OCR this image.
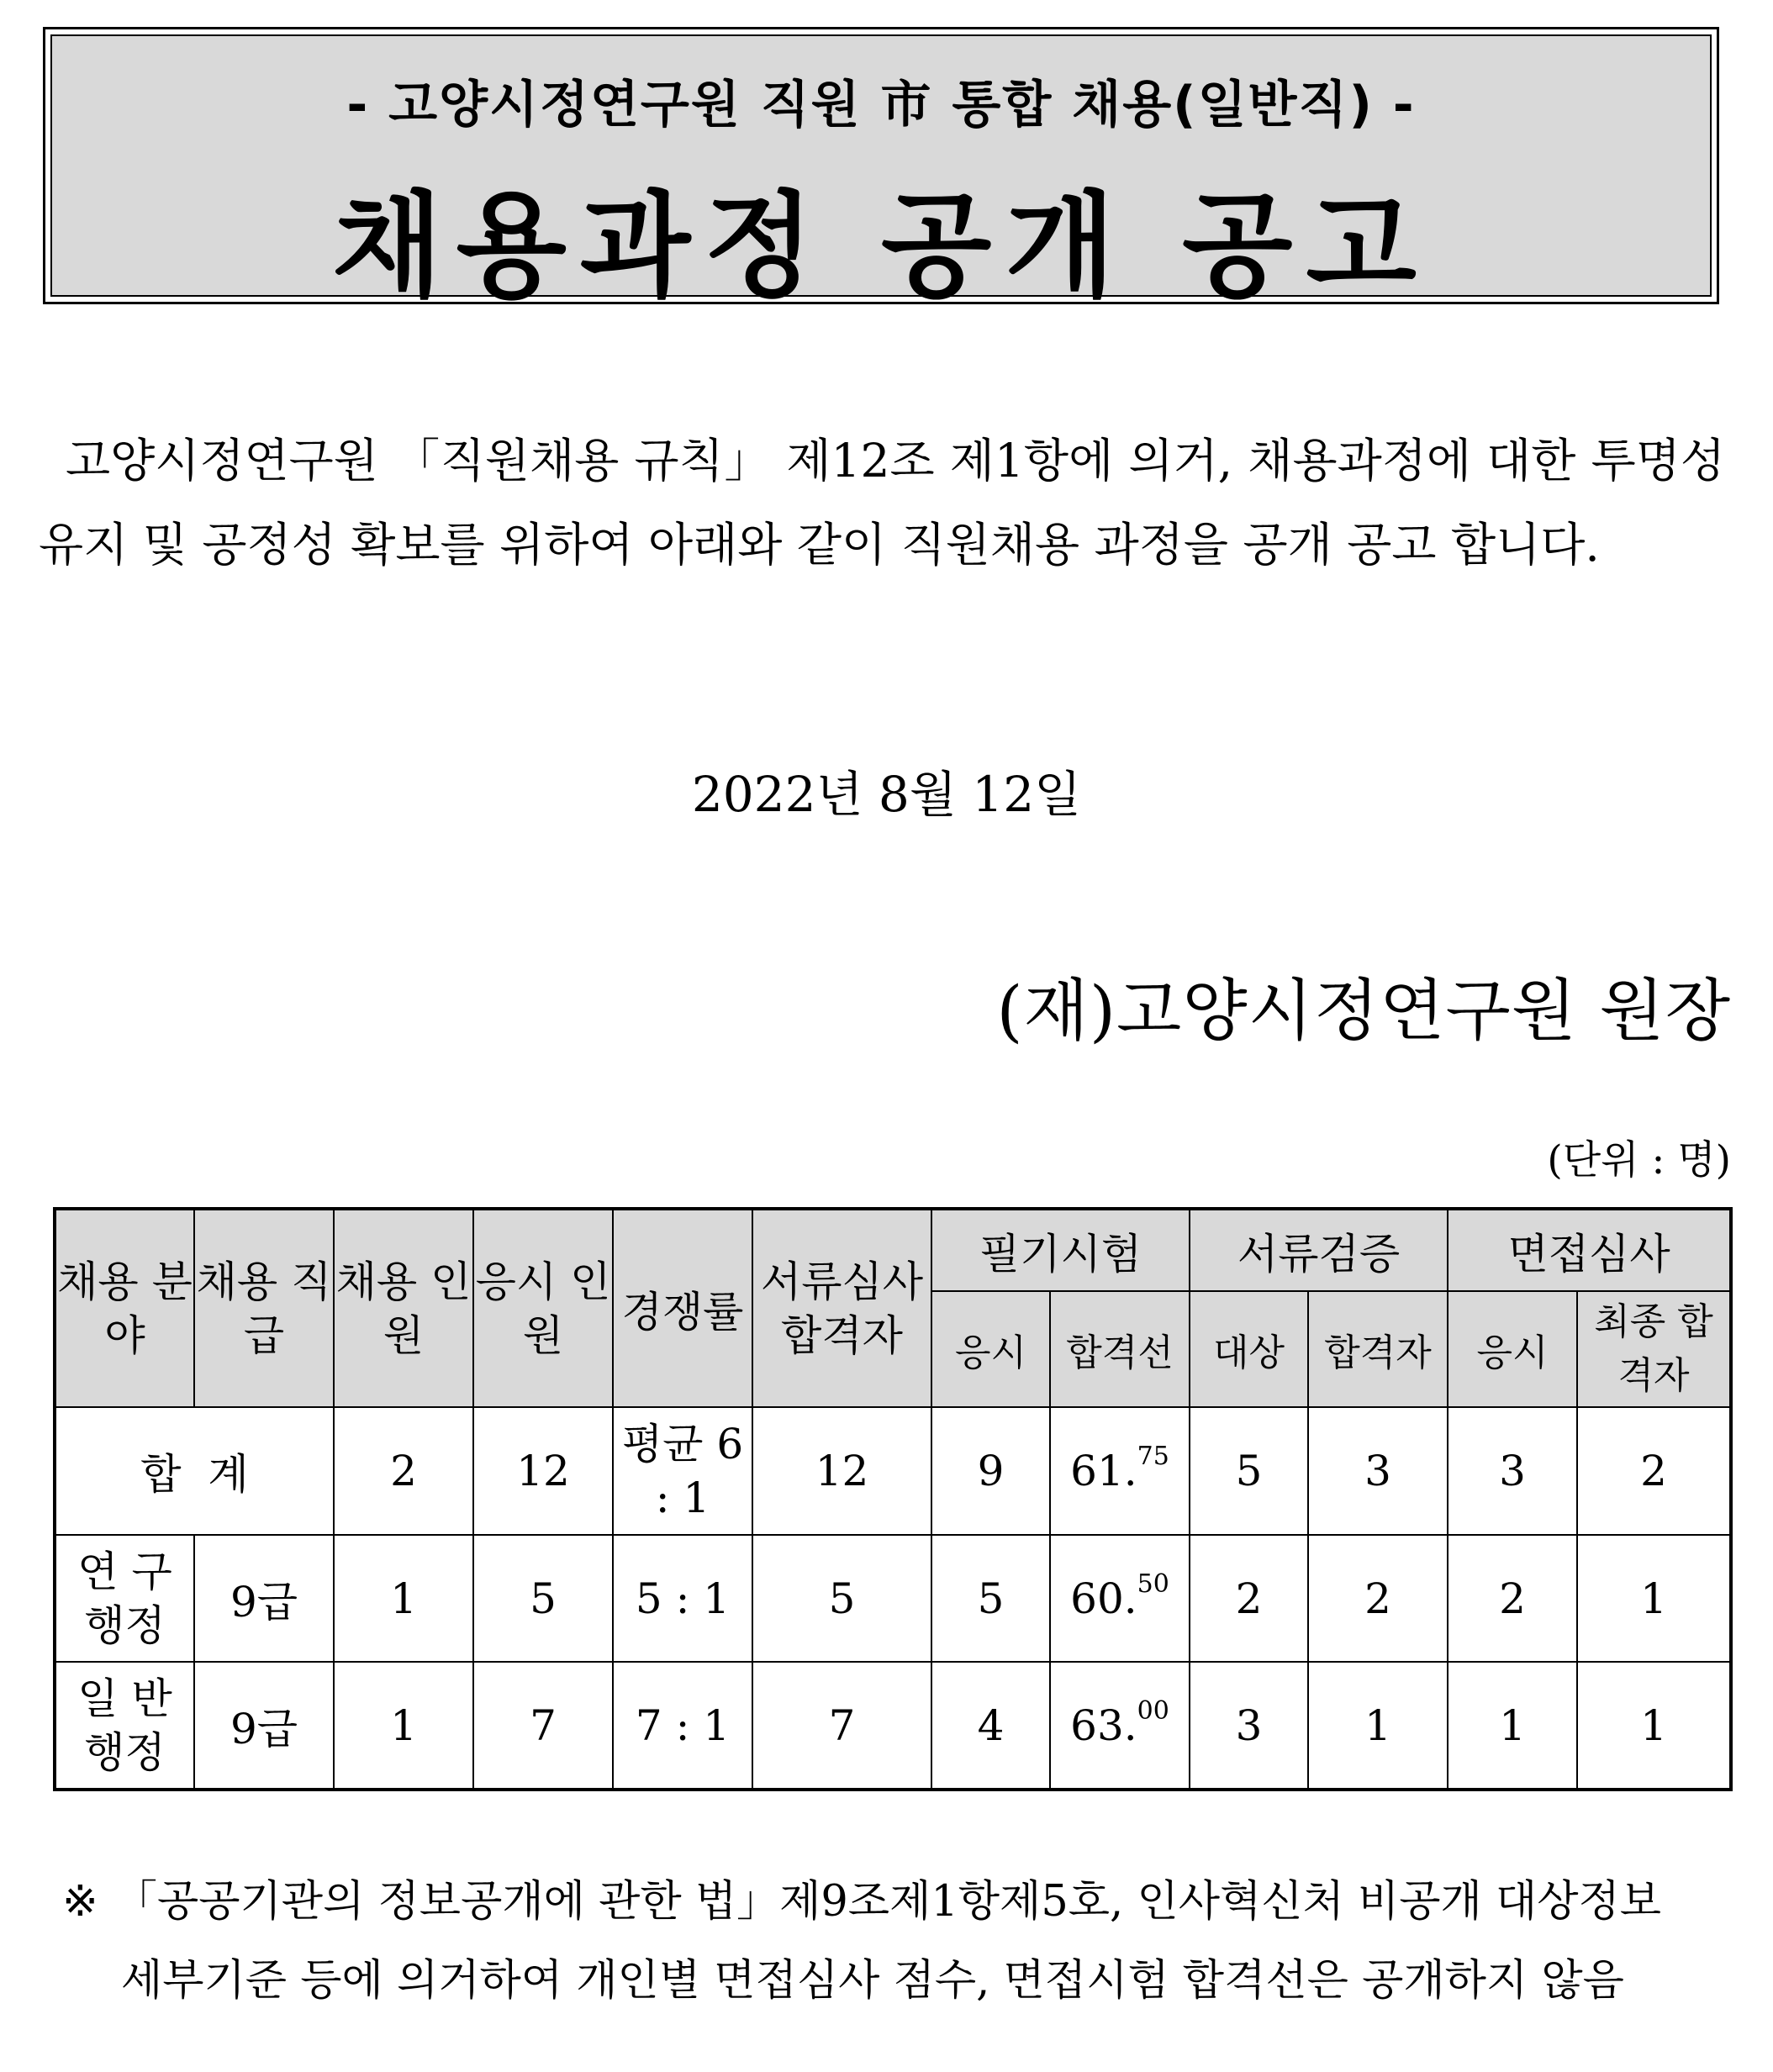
- 고양시정연구원 직원 市 통합 채용(일반직) -
채용과정 공개 공고
고양시정연구원 「직원채용 규칙」 제12조 제1항에 의거, 채용과정에 대한 투명성 유지 및 공정성 확보를 위하여 아래와 같이 직원채용 과정을 공개 공고 합니다.
2022년 8월 12일
(재)고양시정연구원 원장
(단위 : 명)
채용 분야	채용 직급	채용 인원	응시 인원	경쟁률	서류심사 합격자	필기시험		서류검증		면접심사	
						응시	합격선	대상	합격자	응시	최종 합격자
합  계		2	12	평균 6 : 1	12	9	61.75	5	3	3	2
연 구 행정	9급	1	5	5 : 1	5	5	60.50	2	2	2	1
일 반 행정	9급	1	7	7 : 1	7	4	63.00	3	1	1	1
※ 「공공기관의 정보공개에 관한 법」제9조제1항제5호, 인사혁신처 비공개 대상정보
세부기준 등에 의거하여 개인별 면접심사 점수, 면접시험 합격선은 공개하지 않음
